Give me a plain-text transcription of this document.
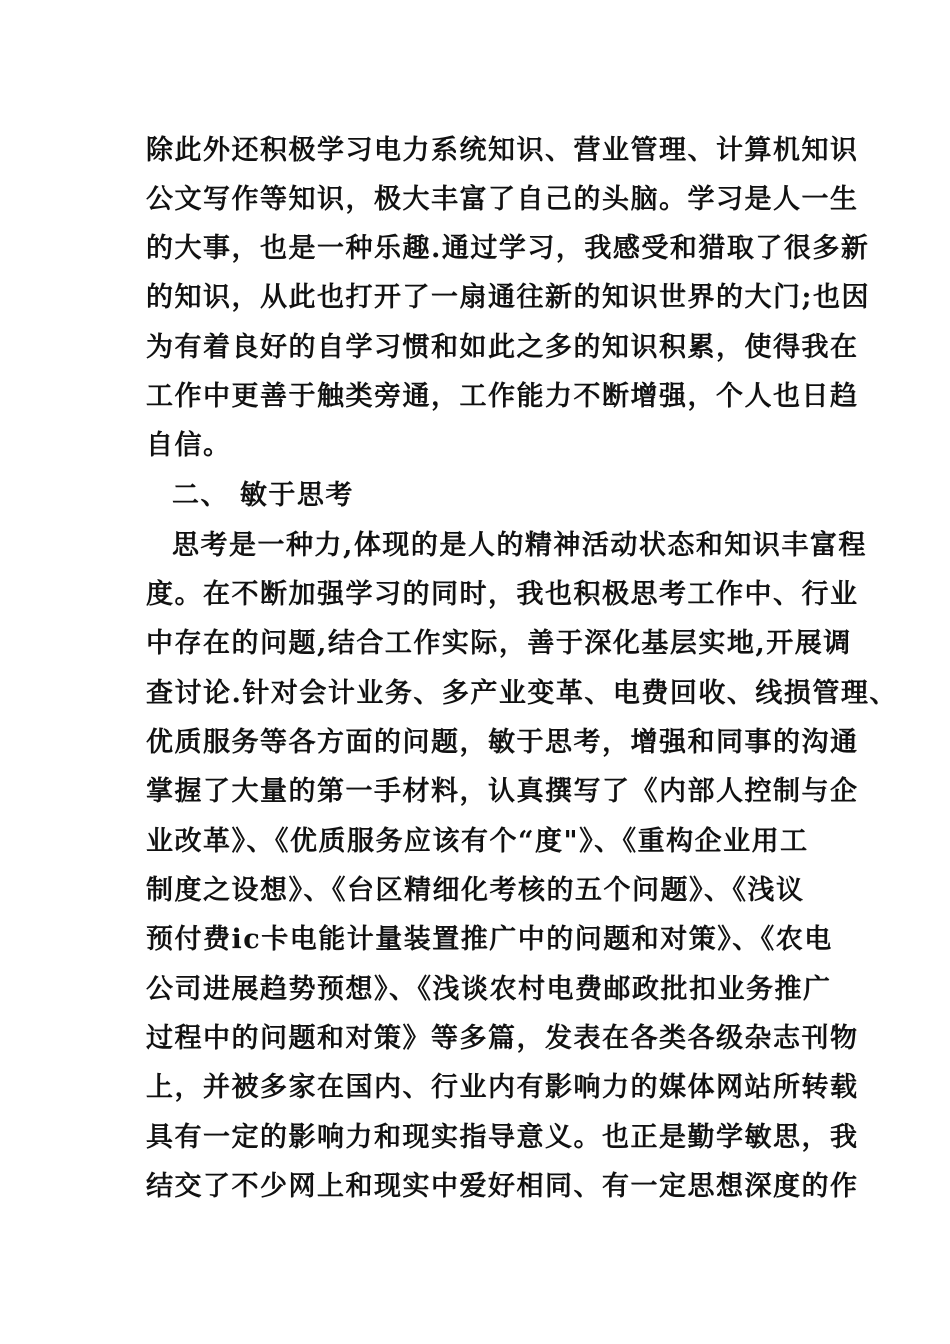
除此外还积极学习电力系统知识、营业管理、计算机知识
公文写作等知识，极大丰富了自己的头脑。学习是人一生
的大事，也是一种乐趣.通过学习，我感受和猎取了很多新
的知识，从此也打开了一扇通往新的知识世界的大门;也因
为有着良好的自学习惯和如此之多的知识积累，使得我在
工作中更善于触类旁通，工作能力不断增强，个人也日趋
自信。
二、 敏于思考
思考是一种力,体现的是人的精神活动状态和知识丰富程
度。在不断加强学习的同时，我也积极思考工作中、行业
中存在的问题,结合工作实际，善于深化基层实地,开展调
查讨论.针对会计业务、多产业变革、电费回收、线损管理、
优质服务等各方面的问题，敏于思考，增强和同事的沟通
掌握了大量的第一手材料，认真撰写了《内部人控制与企
业改革》、《优质服务应该有个“度"》、《重构企业用工
制度之设想》、《台区精细化考核的五个问题》、《浅议
预付费ic卡电能计量装置推广中的问题和对策》、《农电
公司进展趋势预想》、《浅谈农村电费邮政批扣业务推广
过程中的问题和对策》等多篇，发表在各类各级杂志刊物
上，并被多家在国内、行业内有影响力的媒体网站所转载
具有一定的影响力和现实指导意义。也正是勤学敏思，我
结交了不少网上和现实中爱好相同、有一定思想深度的作
